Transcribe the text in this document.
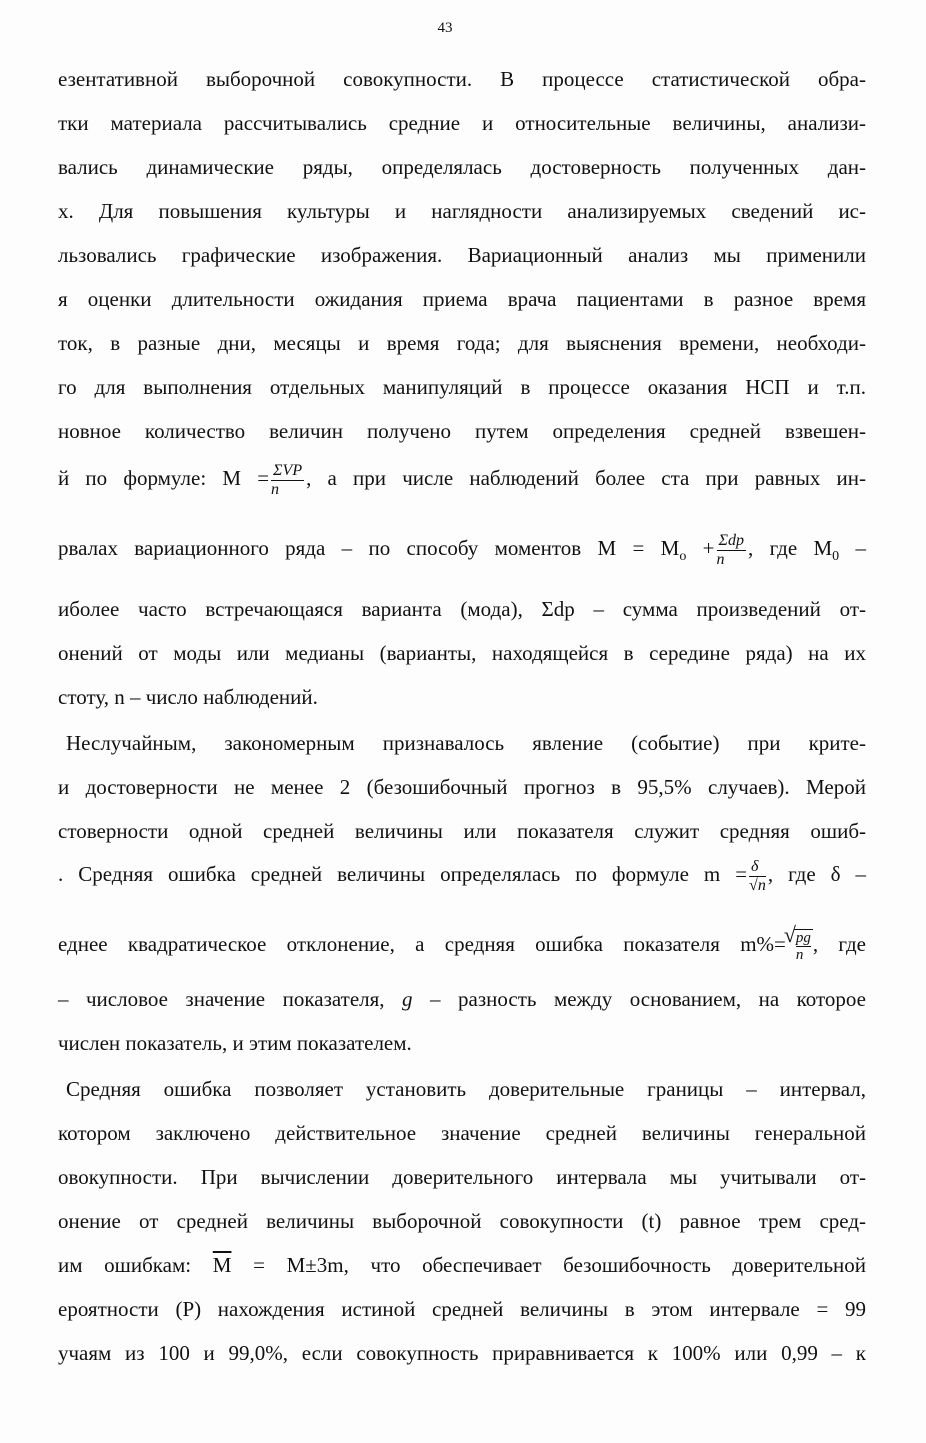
43
езентативной выборочной совокупности. В процессе статистической обра-
тки материала рассчитывались средние и относительные величины, анализи-
вались динамические ряды, определялась достоверность полученных дан-
х. Для повышения культуры и наглядности анализируемых сведений ис-
льзовались графические изображения. Вариационный анализ мы применили
я оценки длительности ожидания приема врача пациентами в разное время
ток, в разные дни, месяцы и время года; для выяснения времени, необходи-
го для выполнения отдельных манипуляций в процессе оказания НСП и т.п.
новное количество величин получено путем определения средней взвешен-
й по формуле: $M = \frac{\text{ΣVP}}{n}$ , а при числе наблюдений более ста при равных ин-
рвалах вариационного ряда – по способу моментов $M = M_o + \frac{\text{Σdp}}{n}$ , где $M_0$ –
иболее часто встречающаяся варианта (мода), Σdp – сумма произведений от-
онений от моды или медианы (варианты, находящейся в середине ряда) на их
стоту, n – число наблюдений.
Неслучайным, закономерным признавалось явление (событие) при крите-
и достоверности не менее 2 (безошибочный прогноз в 95,5% случаев). Мерой
стоверности одной средней величины или показателя служит средняя ошиб-
. Средняя ошибка средней величины определялась по формуле $m = \frac{\delta}{√n}$ , где δ –
еднее квадратическое отклонение, а средняя ошибка показателя m%= √ $\frac{pg}{n}$ , где
– числовое значение показателя, g – разность между основанием, на которое
числен показатель, и этим показателем.
Средняя ошибка позволяет установить доверительные границы – интервал,
котором заключено действительное значение средней величины генеральной
овокупности. При вычислении доверительного интервала мы учитывали от-
онение от средней величины выборочной совокупности (t) равное трем сред-
им ошибкам: $\overline{M} = M\pm 3m$, что обеспечивает безошибочность доверительной
ероятности (P) нахождения истиной средней величины в этом интервале = 99
учаям из 100 и 99,0%, если совокупность приравнивается к 100% или 0,99 – к
